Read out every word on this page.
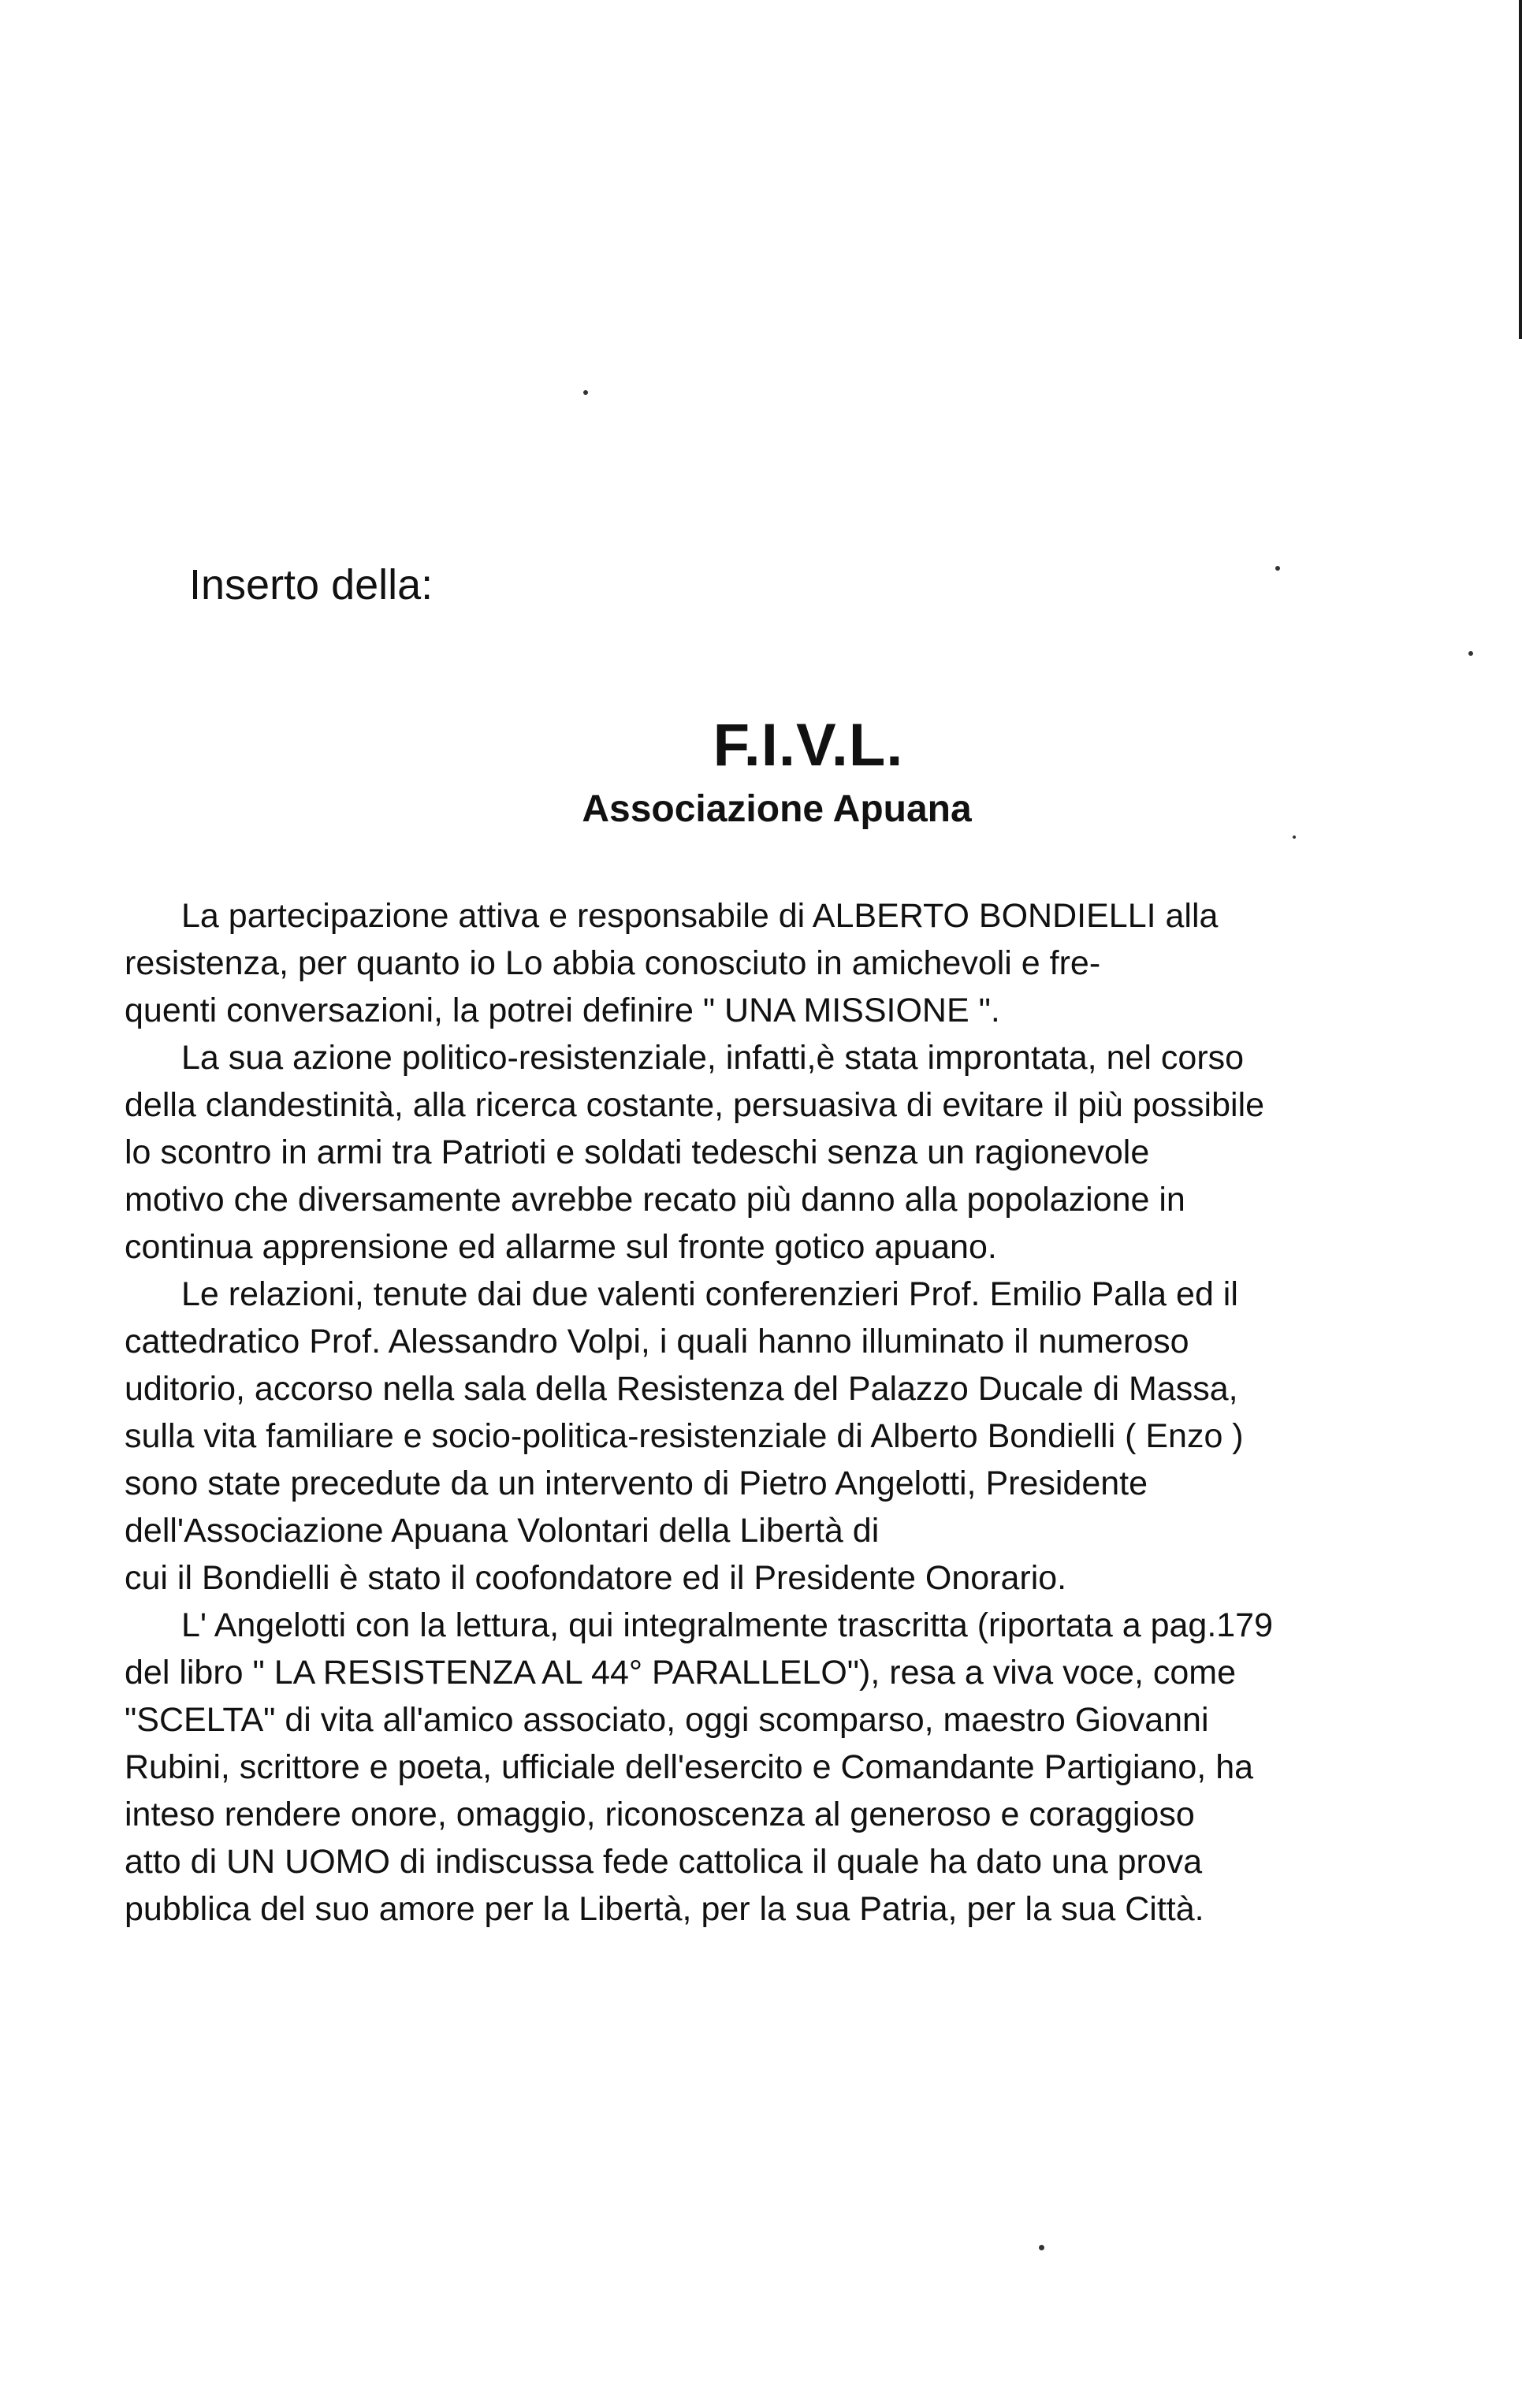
Inserto della:
F.I.V.L.
Associazione Apuana
La partecipazione attiva e responsabile di ALBERTO BONDIELLI alla
resistenza, per quanto io Lo abbia conosciuto in amichevoli e fre-
quenti conversazioni, la potrei definire " UNA MISSIONE ".
La sua azione politico-resistenziale, infatti,è stata improntata, nel corso
della clandestinità, alla ricerca costante, persuasiva di evitare il più possibile
lo scontro in armi tra Patrioti e soldati tedeschi senza un ragionevole
motivo che diversamente avrebbe recato più danno alla popolazione in
continua apprensione ed allarme sul fronte gotico apuano.
Le relazioni, tenute dai due valenti conferenzieri Prof. Emilio Palla ed il
cattedratico Prof. Alessandro Volpi, i quali hanno illuminato il numeroso
uditorio, accorso nella sala della Resistenza del Palazzo Ducale di Massa,
sulla vita familiare e socio-politica-resistenziale di Alberto Bondielli ( Enzo )
sono state precedute da un intervento di Pietro Angelotti, Presidente
dell'Associazione Apuana Volontari della Libertà di
cui il Bondielli è stato il coofondatore ed il Presidente Onorario.
L' Angelotti con la lettura, qui integralmente trascritta (riportata a pag.179
del libro " LA RESISTENZA AL 44° PARALLELO"), resa a viva voce, come
"SCELTA" di vita all'amico associato, oggi scomparso, maestro Giovanni
Rubini, scrittore e poeta, ufficiale dell'esercito e Comandante Partigiano, ha
inteso rendere onore, omaggio, riconoscenza al generoso e coraggioso
atto di UN UOMO di indiscussa fede cattolica il quale ha dato una prova
pubblica del suo amore per la Libertà, per la sua Patria, per la sua Città.
